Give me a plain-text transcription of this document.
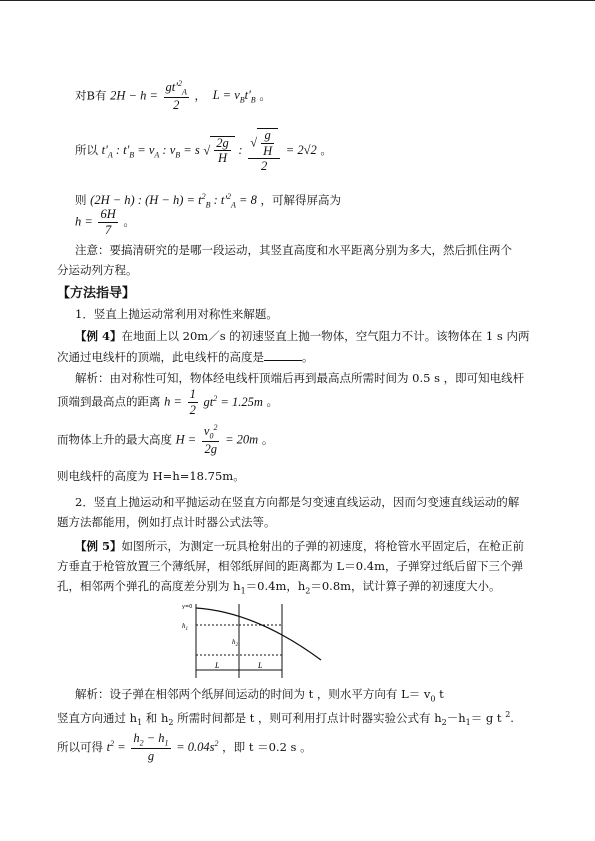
对B有 $2H - h = \frac{gt'^2_A}{2}$ ，  $L = v_Bt'_B$ 。
所以 $t'_A$ : $t'_B = v_A$ : $v_B = s$ √ $\frac{2g}{H}$ : $\frac{√ \frac{g}{H}}{2} = 2√2$ 。
则 (2H − h) : $(H - h) = t^2_B$ : $t'^2_A = 8$ ，可解得屏高为
$h = \frac{6H}{7}$ 。
注意：要搞清研究的是哪一段运动，其竖直高度和水平距离分别为多大，然后抓住两个
分运动列方程。
【方法指导】
1．竖直上抛运动常利用对称性来解题。
【例 4】在地面上以 20m／s 的初速竖直上抛一物体，空气阻力不计。该物体在 1 s 内两
次通过电线杆的顶端，此电线杆的高度是	。
解析：由对称性可知，物体经电线杆顶端后再到最高点所需时间为 0.5 s ，即可知电线杆
顶端到最高点的距离 $h = \frac{1}{2} gt^2 = 1.25m$ 。
而物体上升的最大高度 $H = \frac{v_0^2}{2g} = 20m$ 。
则电线杆的高度为 H=h=18.75m。
2．竖直上抛运动和平抛运动在竖直方向都是匀变速直线运动，因而匀变速直线运动的解
题方法都能用，例如打点计时器公式法等。
【例 5】如图所示，为测定一玩具枪射出的子弹的初速度，将枪管水平固定后，在枪正前
方垂直于枪管放置三个薄纸屏，相邻纸屏间的距离都为 L＝0.4m，子弹穿过纸后留下三个弹
孔，相邻两个弹孔的高度差分别为 $h_1=0.4m$，$h_2=0.8m$，试计算子弹的初速度大小。
y=0
$h_1$
$h_2$
L	L
解析：设子弹在相邻两个纸屏间运动的时间为 t ，则水平方向有 $L= v_0$ t
竖直方向通过 $h_1$ 和 $h_2$ 所需时间都是 t ，则可利用打点计时器实验公式有 $h_2-h_1= g$ t $^2$.
所以可得 $t^2 = \frac{h_2 - h_1}{g} = 0.04s^2$ ，即 t ＝0.2 s 。
